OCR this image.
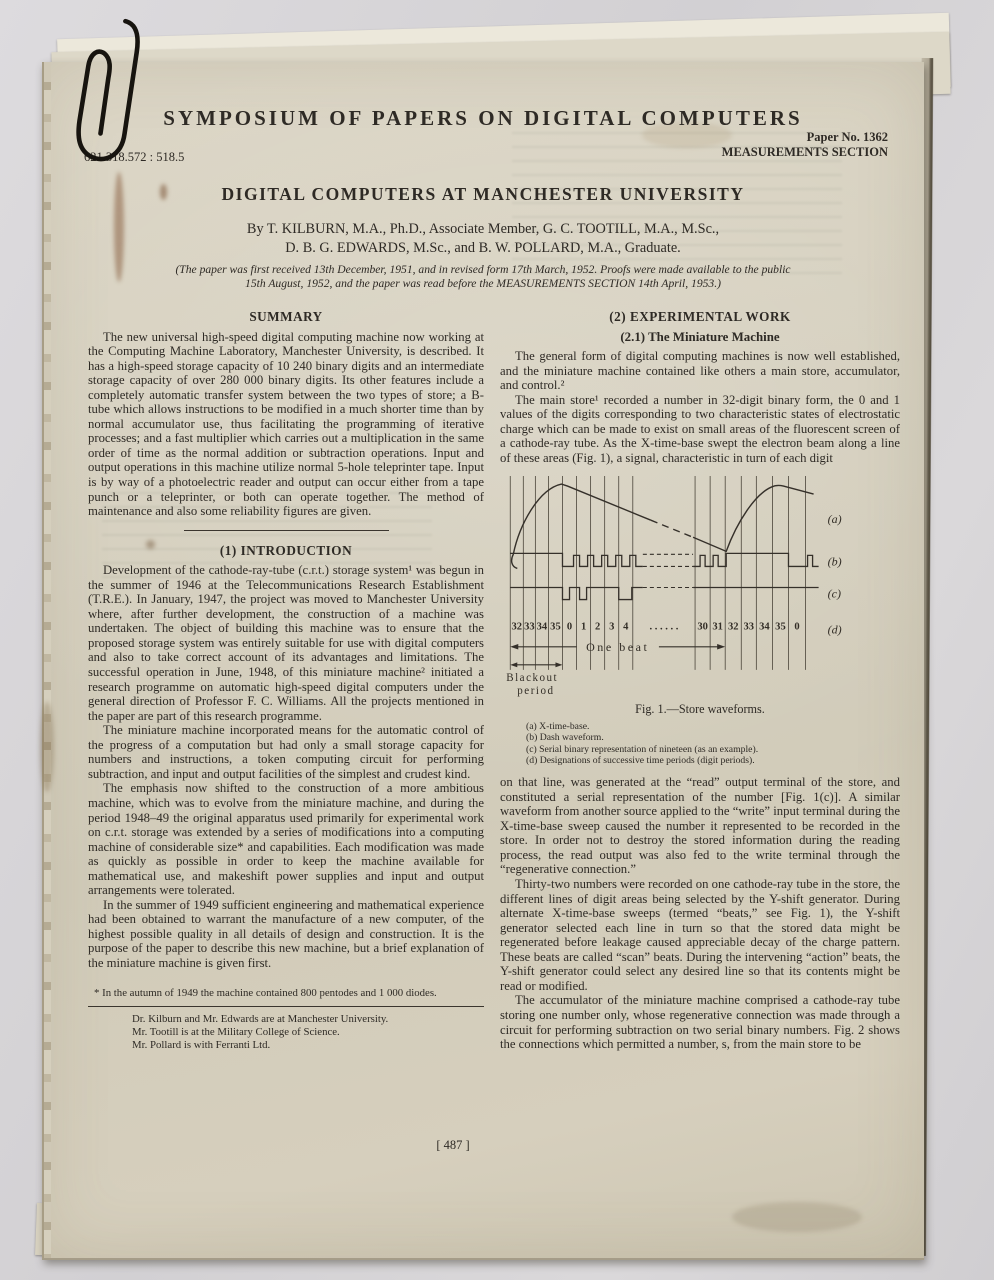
SYMPOSIUM OF PAPERS ON DIGITAL COMPUTERS
Paper No. 1362
MEASUREMENTS SECTION
621.318.572 : 518.5
DIGITAL COMPUTERS AT MANCHESTER UNIVERSITY
By T. KILBURN, M.A., Ph.D., Associate Member, G. C. TOOTILL, M.A., M.Sc.,
D. B. G. EDWARDS, M.Sc., and B. W. POLLARD, M.A., Graduate.
(The paper was first received 13th December, 1951, and in revised form 17th March, 1952. Proofs were made available to the public
15th August, 1952, and the paper was read before the MEASUREMENTS SECTION 14th April, 1953.)
SUMMARY

The new universal high-speed digital computing machine now working at the Computing Machine Laboratory, Manchester University, is described. It has a high-speed storage capacity of 10 240 binary digits and an intermediate storage capacity of over 280 000 binary digits. Its other features include a completely automatic transfer system between the two types of store; a B-tube which allows instructions to be modified in a much shorter time than by normal accumulator use, thus facilitating the programming of iterative processes; and a fast multiplier which carries out a multiplication in the same order of time as the normal addition or subtraction operations. Input and output operations in this machine utilize normal 5-hole teleprinter tape. Input is by way of a photoelectric reader and output can occur either from a tape punch or a teleprinter, or both can operate together. The method of maintenance and also some reliability figures are given.

(1) INTRODUCTION

Development of the cathode-ray-tube (c.r.t.) storage system¹ was begun in the summer of 1946 at the Telecommunications Research Establishment (T.R.E.). In January, 1947, the project was moved to Manchester University where, after further development, the construction of a machine was undertaken. The object of building this machine was to ensure that the proposed storage system was entirely suitable for use with digital computers and also to take correct account of its advantages and limitations. The successful operation in June, 1948, of this miniature machine² initiated a research programme on automatic high-speed digital computers under the general direction of Professor F. C. Williams. All the projects mentioned in the paper are part of this research programme.

The miniature machine incorporated means for the automatic control of the progress of a computation but had only a small storage capacity for numbers and instructions, a token computing circuit for performing subtraction, and input and output facilities of the simplest and crudest kind.

The emphasis now shifted to the construction of a more ambitious machine, which was to evolve from the miniature machine, and during the period 1948–49 the original apparatus used primarily for experimental work on c.r.t. storage was extended by a series of modifications into a computing machine of considerable size* and capabilities. Each modification was made as quickly as possible in order to keep the machine available for mathematical use, and makeshift power supplies and input and output arrangements were tolerated.

In the summer of 1949 sufficient engineering and mathematical experience had been obtained to warrant the manufacture of a new computer, of the highest possible quality in all details of design and construction. It is the purpose of the paper to describe this new machine, but a brief explanation of the miniature machine is given first.

* In the autumn of 1949 the machine contained 800 pentodes and 1 000 diodes.
Dr. Kilburn and Mr. Edwards are at Manchester University.
Mr. Tootill is at the Military College of Science.
Mr. Pollard is with Ferranti Ltd.
(2) EXPERIMENTAL WORK
(2.1) The Miniature Machine

The general form of digital computing machines is now well established, and the miniature machine contained like others a main store, accumulator, and control.²

The main store¹ recorded a number in 32-digit binary form, the 0 and 1 values of the digits corresponding to two characteristic states of electrostatic charge which can be made to exist on small areas of the fluorescent screen of a cathode-ray tube. As the X-time-base swept the electron beam along a line of these areas (Fig. 1), a signal, characteristic in turn of each digit

32 33 34 35 0 1 2 3 4 . . . . . . 30 31 32 33 34 35 0
(a)
(b)
(c)
(d)
One beat
Blackout
period
Fig. 1.—Store waveforms.
(a) X-time-base.
(b) Dash waveform.
(c) Serial binary representation of nineteen (as an example).
(d) Designations of successive time periods (digit periods).

on that line, was generated at the “read” output terminal of the store, and constituted a serial representation of the number [Fig. 1(c)]. A similar waveform from another source applied to the “write” input terminal during the X-time-base sweep caused the number it represented to be recorded in the store. In order not to destroy the stored information during the reading process, the read output was also fed to the write terminal through the “regenerative connection.”

Thirty-two numbers were recorded on one cathode-ray tube in the store, the different lines of digit areas being selected by the Y-shift generator. During alternate X-time-base sweeps (termed “beats,” see Fig. 1), the Y-shift generator selected each line in turn so that the stored data might be regenerated before leakage caused appreciable decay of the charge pattern. These beats are called “scan” beats. During the intervening “action” beats, the Y-shift generator could select any desired line so that its contents might be read or modified.

The accumulator of the miniature machine comprised a cathode-ray tube storing one number only, whose regenerative connection was made through a circuit for performing subtraction on two serial binary numbers. Fig. 2 shows the connections which permitted a number, s, from the main store to be

[ 487 ]
